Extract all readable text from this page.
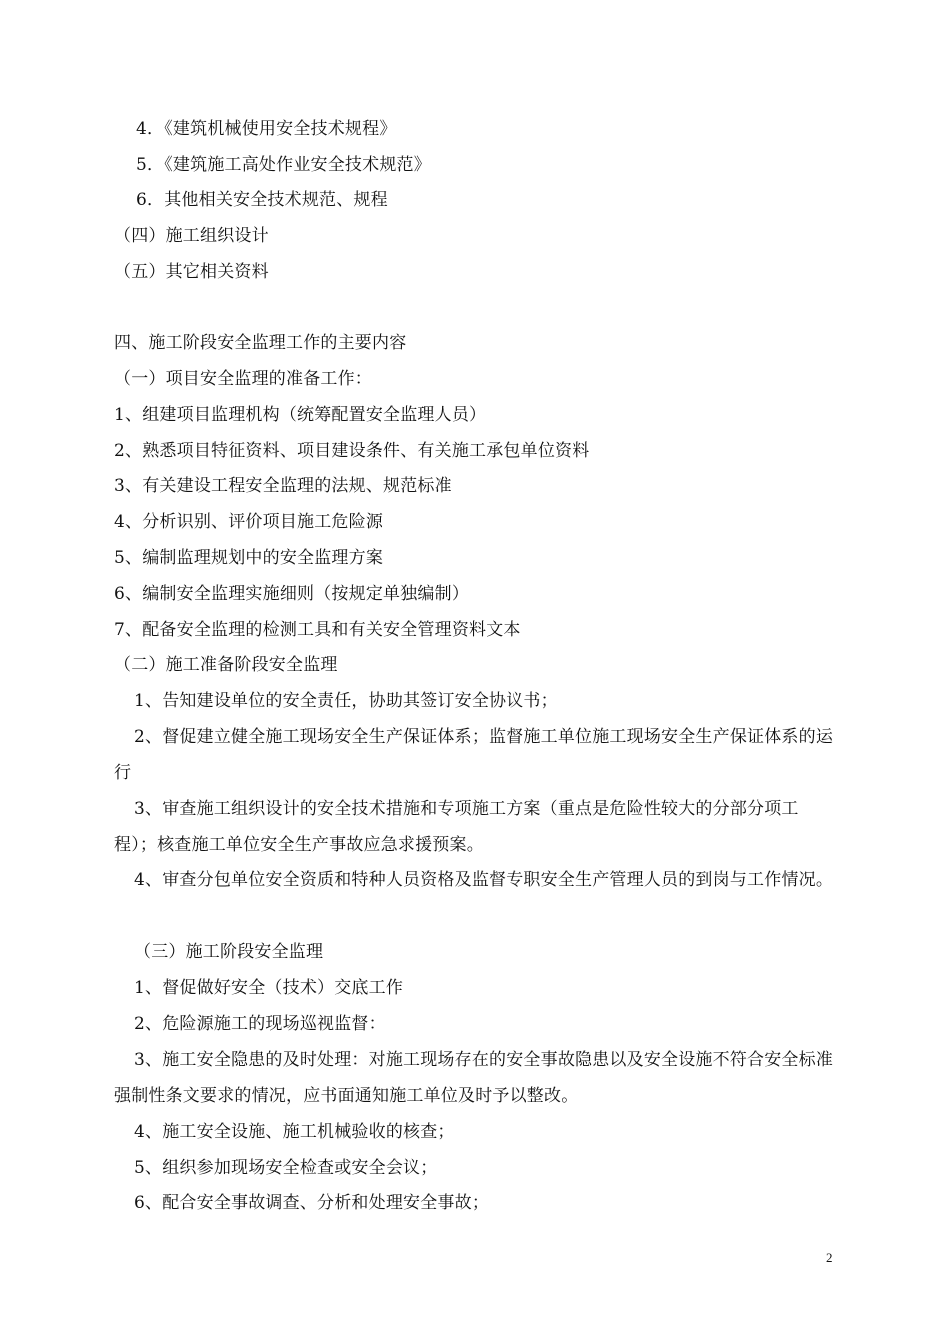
4．《建筑机械使用安全技术规程》
5．《建筑施工高处作业安全技术规范》
6．其他相关安全技术规范、规程
（四）施工组织设计
（五）其它相关资料
四、施工阶段安全监理工作的主要内容
（一）项目安全监理的准备工作：
1、组建项目监理机构（统筹配置安全监理人员）
2、熟悉项目特征资料、项目建设条件、有关施工承包单位资料
3、有关建设工程安全监理的法规、规范标准
4、分析识别、评价项目施工危险源
5、编制监理规划中的安全监理方案
6、编制安全监理实施细则（按规定单独编制）
7、配备安全监理的检测工具和有关安全管理资料文本
（二）施工准备阶段安全监理
1、告知建设单位的安全责任，协助其签订安全协议书；
2、督促建立健全施工现场安全生产保证体系；监督施工单位施工现场安全生产保证体系的运行
3、审查施工组织设计的安全技术措施和专项施工方案（重点是危险性较大的分部分项工程）；核查施工单位安全生产事故应急求援预案。
4、审查分包单位安全资质和特种人员资格及监督专职安全生产管理人员的到岗与工作情况。
（三）施工阶段安全监理
1、督促做好安全（技术）交底工作
2、危险源施工的现场巡视监督：
3、施工安全隐患的及时处理：对施工现场存在的安全事故隐患以及安全设施不符合安全标准强制性条文要求的情况，应书面通知施工单位及时予以整改。
4、施工安全设施、施工机械验收的核查；
5、组织参加现场安全检查或安全会议；
6、配合安全事故调查、分析和处理安全事故；
2
